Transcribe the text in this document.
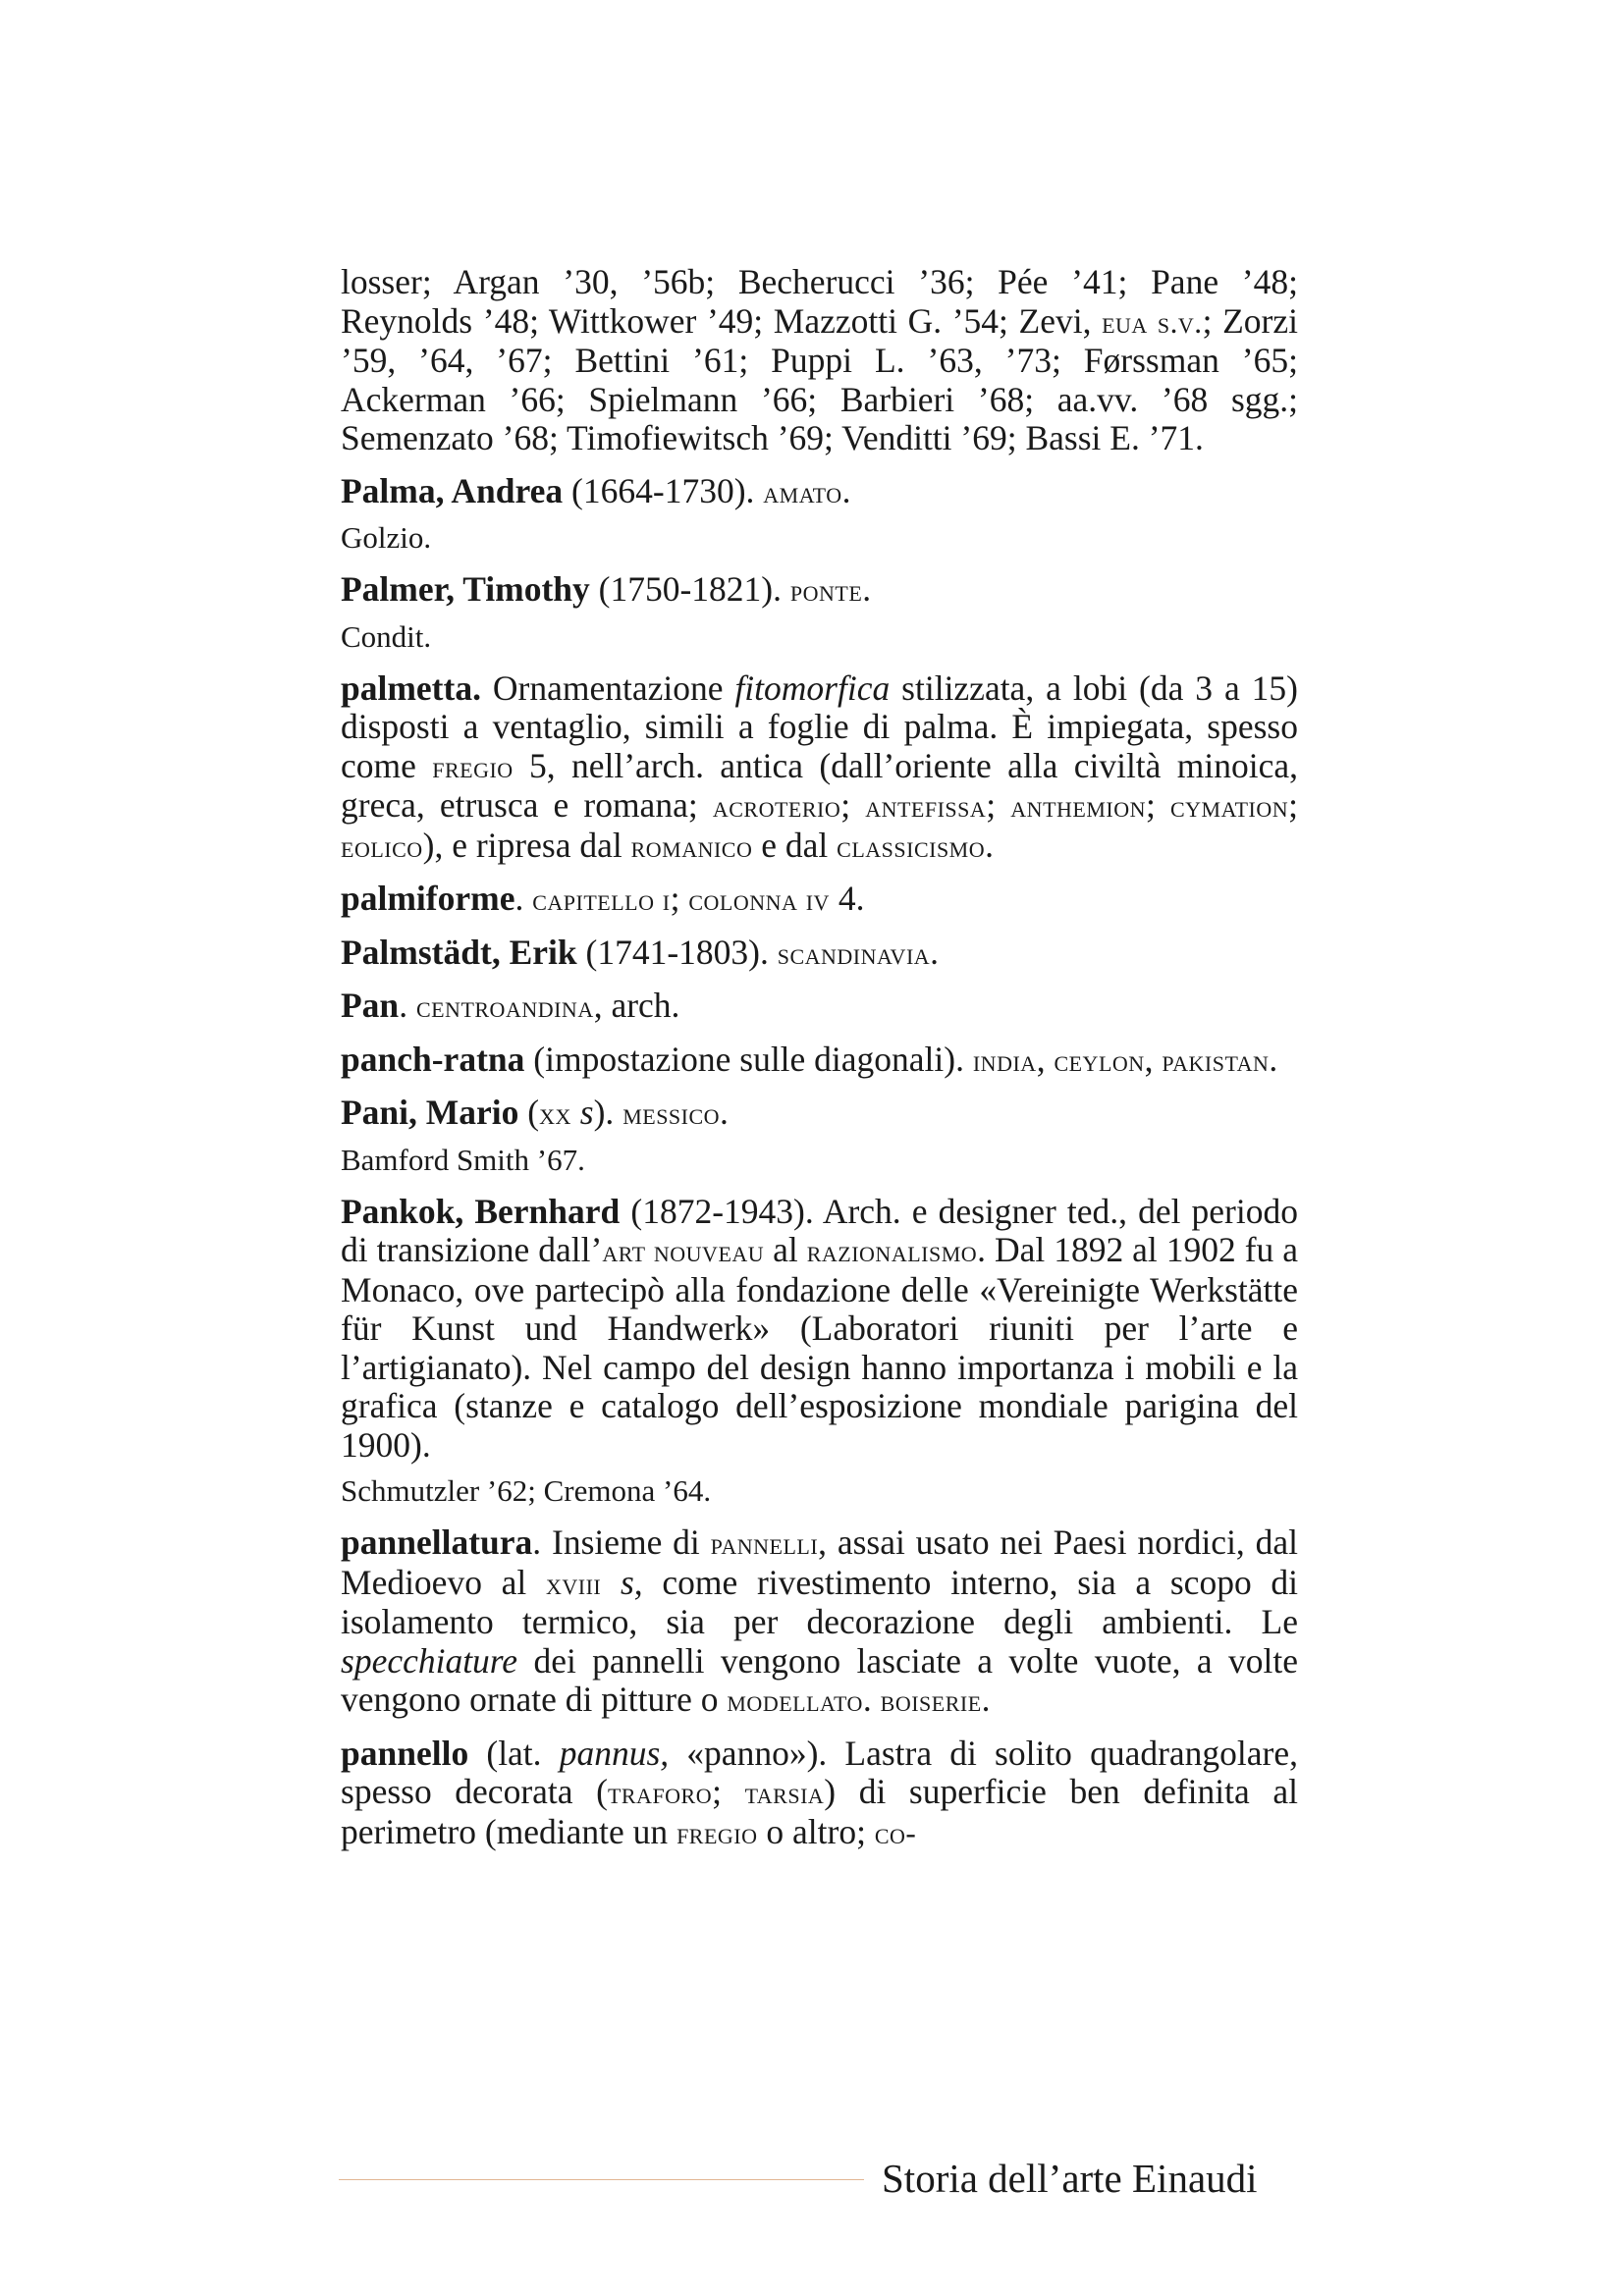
losser; Argan ’30, ’56b; Becherucci ’36; Pée ’41; Pane ’48; Reynolds ’48; Wittkower ’49; Mazzotti G. ’54; Zevi, eua s.v.; Zorzi ’59, ’64, ’67; Bettini ’61; Puppi L. ’63, ’73; Førssman ’65; Ackerman ’66; Spielmann ’66; Barbieri ’68; aa.vv. ’68 sgg.; Semenzato ’68; Timofiewitsch ’69; Venditti ’69; Bassi E. ’71.

Palma, Andrea (1664-1730). amato.

Golzio.

Palmer, Timothy (1750-1821). ponte.

Condit.

palmetta. Ornamentazione fitomorfica stilizzata, a lobi (da 3 a 15) disposti a ventaglio, simili a foglie di palma. È impiegata, spesso come fregio 5, nell’arch. antica (dall’oriente alla civiltà minoica, greca, etrusca e romana; acroterio; antefissa; anthemion; cymation; eolico), e ripresa dal romanico e dal classicismo.

palmiforme. capitello i; colonna iv 4.

Palmstädt, Erik (1741-1803). scandinavia.

Pan. centroandina, arch.

panch-ratna (impostazione sulle diagonali). india, ceylon, pakistan.

Pani, Mario (xx s). messico.

Bamford Smith ’67.

Pankok, Bernhard (1872-1943). Arch. e designer ted., del periodo di transizione dall’art nouveau al razionalismo. Dal 1892 al 1902 fu a Monaco, ove partecipò alla fondazione delle «Vereinigte Werkstätte für Kunst und Handwerk» (Laboratori riuniti per l’arte e l’artigianato). Nel campo del design hanno importanza i mobili e la grafica (stanze e catalogo dell’esposizione mondiale parigina del 1900).

Schmutzler ’62; Cremona ’64.

pannellatura. Insieme di pannelli, assai usato nei Paesi nordici, dal Medioevo al xviii s, come rivestimento interno, sia a scopo di isolamento termico, sia per decorazione degli ambienti. Le specchiature dei pannelli vengono lasciate a volte vuote, a volte vengono ornate di pitture o modellato. boiserie.

pannello (lat. pannus, «panno»). Lastra di solito quadrangolare, spesso decorata (traforo; tarsia) di superficie ben definita al perimetro (mediante un fregio o altro; co-

Storia dell’arte Einaudi
